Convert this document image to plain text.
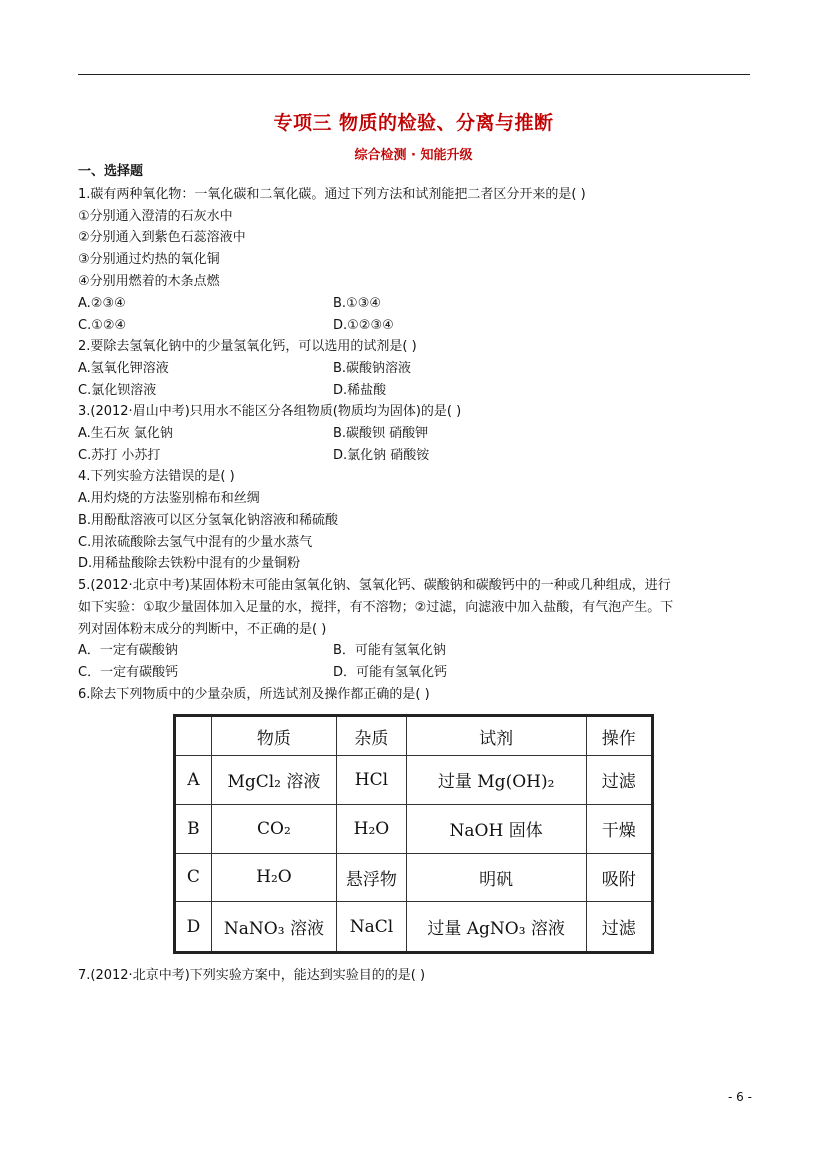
专项三 物质的检验、分离与推断
综合检测 · 知能升级
一、选择题
1.碳有两种氧化物：一氧化碳和二氧化碳。通过下列方法和试剂能把二者区分开来的是( )
①分别通入澄清的石灰水中
②分别通入到紫色石蕊溶液中
③分别通过灼热的氧化铜
④分别用燃着的木条点燃
A.②③④	B.①③④
C.①②④	D.①②③④
2.要除去氢氧化钠中的少量氢氧化钙，可以选用的试剂是( )
A.氢氧化钾溶液	B.碳酸钠溶液
C.氯化钡溶液	D.稀盐酸
3.(2012·眉山中考)只用水不能区分各组物质(物质均为固体)的是( )
A.生石灰 氯化钠	B.碳酸钡 硝酸钾
C.苏打 小苏打	D.氯化钠 硝酸铵
4.下列实验方法错误的是( )
A.用灼烧的方法鉴别棉布和丝绸
B.用酚酞溶液可以区分氢氧化钠溶液和稀硫酸
C.用浓硫酸除去氢气中混有的少量水蒸气
D.用稀盐酸除去铁粉中混有的少量铜粉
5.(2012·北京中考)某固体粉末可能由氢氧化钠、氢氧化钙、碳酸钠和碳酸钙中的一种或几种组成，进行
如下实验：①取少量固体加入足量的水，搅拌，有不溶物；②过滤，向滤液中加入盐酸，有气泡产生。下
列对固体粉末成分的判断中，不正确的是( )
A．一定有碳酸钠	B．可能有氢氧化钠
C．一定有碳酸钙	D．可能有氢氧化钙
6.除去下列物质中的少量杂质，所选试剂及操作都正确的是( )
	物质	杂质	试剂	操作
A	MgCl₂ 溶液	HCl	过量 Mg(OH)₂	过滤
B	CO₂	H₂O	NaOH 固体	干燥
C	H₂O	悬浮物	明矾	吸附
D	NaNO₃ 溶液	NaCl	过量 AgNO₃ 溶液	过滤
7.(2012·北京中考)下列实验方案中，能达到实验目的的是( )
- 6 -
